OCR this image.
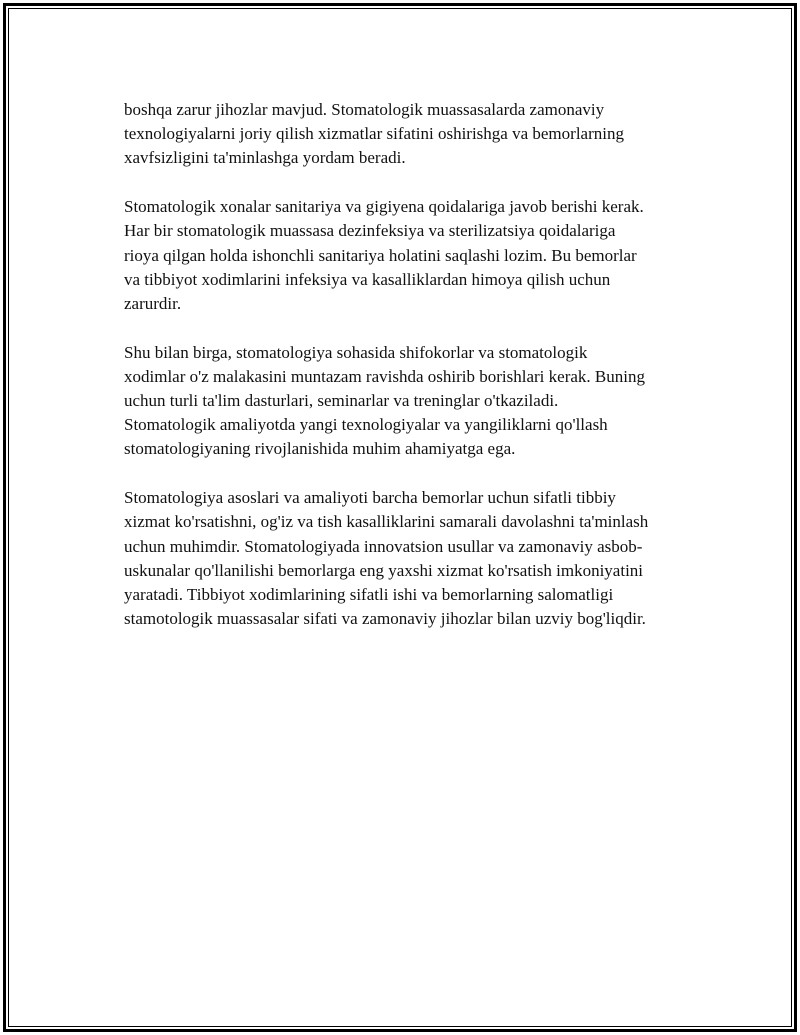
boshqa zarur jihozlar mavjud. Stomatologik muassasalarda zamonaviy
texnologiyalarni joriy qilish xizmatlar sifatini oshirishga va bemorlarning
xavfsizligini ta'minlashga yordam beradi.

Stomatologik xonalar sanitariya va gigiyena qoidalariga javob berishi kerak.
Har bir stomatologik muassasa dezinfeksiya va sterilizatsiya qoidalariga
rioya qilgan holda ishonchli sanitariya holatini saqlashi lozim. Bu bemorlar
va tibbiyot xodimlarini infeksiya va kasalliklardan himoya qilish uchun
zarurdir.

Shu bilan birga, stomatologiya sohasida shifokorlar va stomatologik
xodimlar o'z malakasini muntazam ravishda oshirib borishlari kerak. Buning
uchun turli ta'lim dasturlari, seminarlar va treninglar o'tkaziladi.
Stomatologik amaliyotda yangi texnologiyalar va yangiliklarni qo'llash
stomatologiyaning rivojlanishida muhim ahamiyatga ega.

Stomatologiya asoslari va amaliyoti barcha bemorlar uchun sifatli tibbiy
xizmat ko'rsatishni, og'iz va tish kasalliklarini samarali davolashni ta'minlash
uchun muhimdir. Stomatologiyada innovatsion usullar va zamonaviy asbob-
uskunalar qo'llanilishi bemorlarga eng yaxshi xizmat ko'rsatish imkoniyatini
yaratadi. Tibbiyot xodimlarining sifatli ishi va bemorlarning salomatligi
stamotologik muassasalar sifati va zamonaviy jihozlar bilan uzviy bog'liqdir.
